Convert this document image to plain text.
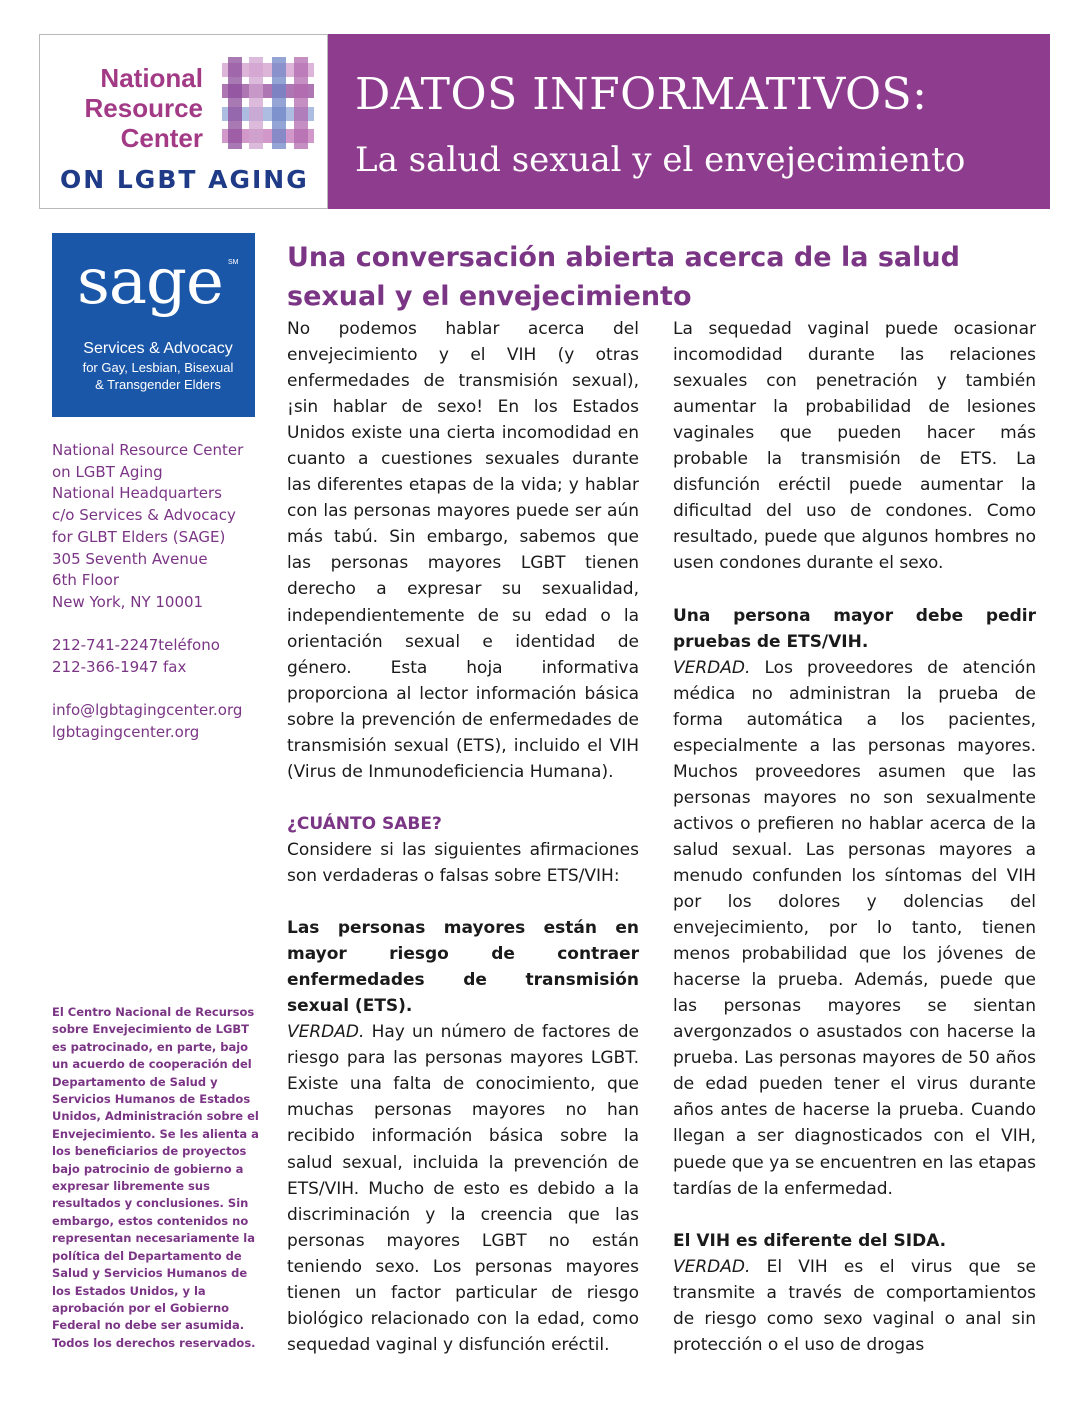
National
Resource
Center
ON LGBT AGING
DATOS INFORMATIVOS:
La salud sexual y el envejecimiento
sage SM
Services & Advocacy
for Gay, Lesbian, Bisexual
& Transgender Elders
National Resource Center
on LGBT Aging
National Headquarters
c/o Services & Advocacy
for GLBT Elders (SAGE)
305 Seventh Avenue
6th Floor
New York, NY 10001
212-741-2247teléfono
212-366-1947 fax
info@lgbtagingcenter.org
lgbtagingcenter.org
El Centro Nacional de Recursos sobre Envejecimiento de LGBT es patrocinado, en parte, bajo un acuerdo de cooperación del Departamento de Salud y Servicios Humanos de Estados Unidos, Administración sobre el Envejecimiento. Se les alienta a los beneficiarios de proyectos bajo patrocinio de gobierno a expresar libremente sus resultados y conclusiones. Sin embargo, estos contenidos no representan necesariamente la política del Departamento de Salud y Servicios Humanos de los Estados Unidos, y la aprobación por el Gobierno Federal no debe ser asumida. Todos los derechos reservados.
Una conversación abierta acerca de la salud sexual y el envejecimiento

No podemos hablar acerca del envejecimiento y el VIH (y otras enfermedades de transmisión sexual), ¡sin hablar de sexo! En los Estados Unidos existe una cierta incomodidad en cuanto a cuestiones sexuales durante las diferentes etapas de la vida; y hablar con las personas mayores puede ser aún más tabú. Sin embargo, sabemos que las personas mayores LGBT tienen derecho a expresar su sexualidad, independientemente de su edad o la orientación sexual e identidad de género. Esta hoja informativa proporciona al lector información básica sobre la prevención de enfermedades de transmisión sexual (ETS), incluido el VIH (Virus de Inmunodeficiencia Humana).

¿CUÁNTO SABE?

Considere si las siguientes afirmaciones son verdaderas o falsas sobre ETS/VIH:

Las personas mayores están en mayor riesgo de contraer enfermedades de transmisión sexual (ETS).

VERDAD. Hay un número de factores de riesgo para las personas mayores LGBT. Existe una falta de conocimiento, que muchas personas mayores no han recibido información básica sobre la salud sexual, incluida la prevención de ETS/VIH. Mucho de esto es debido a la discriminación y la creencia que las personas mayores LGBT no están teniendo sexo. Los personas mayores tienen un factor particular de riesgo biológico relacionado con la edad, como sequedad vaginal y disfunción eréctil.

La sequedad vaginal puede ocasionar incomodidad durante las relaciones sexuales con penetración y también aumentar la probabilidad de lesiones vaginales que pueden hacer más probable la transmisión de ETS. La disfunción eréctil puede aumentar la dificultad del uso de condones. Como resultado, puede que algunos hombres no usen condones durante el sexo.

Una persona mayor debe pedir pruebas de ETS/VIH.

VERDAD. Los proveedores de atención médica no administran la prueba de forma automática a los pacientes, especialmente a las personas mayores. Muchos proveedores asumen que las personas mayores no son sexualmente activos o prefieren no hablar acerca de la salud sexual. Las personas mayores a menudo confunden los síntomas del VIH por los dolores y dolencias del envejecimiento, por lo tanto, tienen menos probabilidad que los jóvenes de hacerse la prueba. Además, puede que las personas mayores se sientan avergonzados o asustados con hacerse la prueba. Las personas mayores de 50 años de edad pueden tener el virus durante años antes de hacerse la prueba. Cuando llegan a ser diagnosticados con el VIH, puede que ya se encuentren en las etapas tardías de la enfermedad.

El VIH es diferente del SIDA.

VERDAD. El VIH es el virus que se transmite a través de comportamientos de riesgo como sexo vaginal o anal sin protección o el uso de drogas
